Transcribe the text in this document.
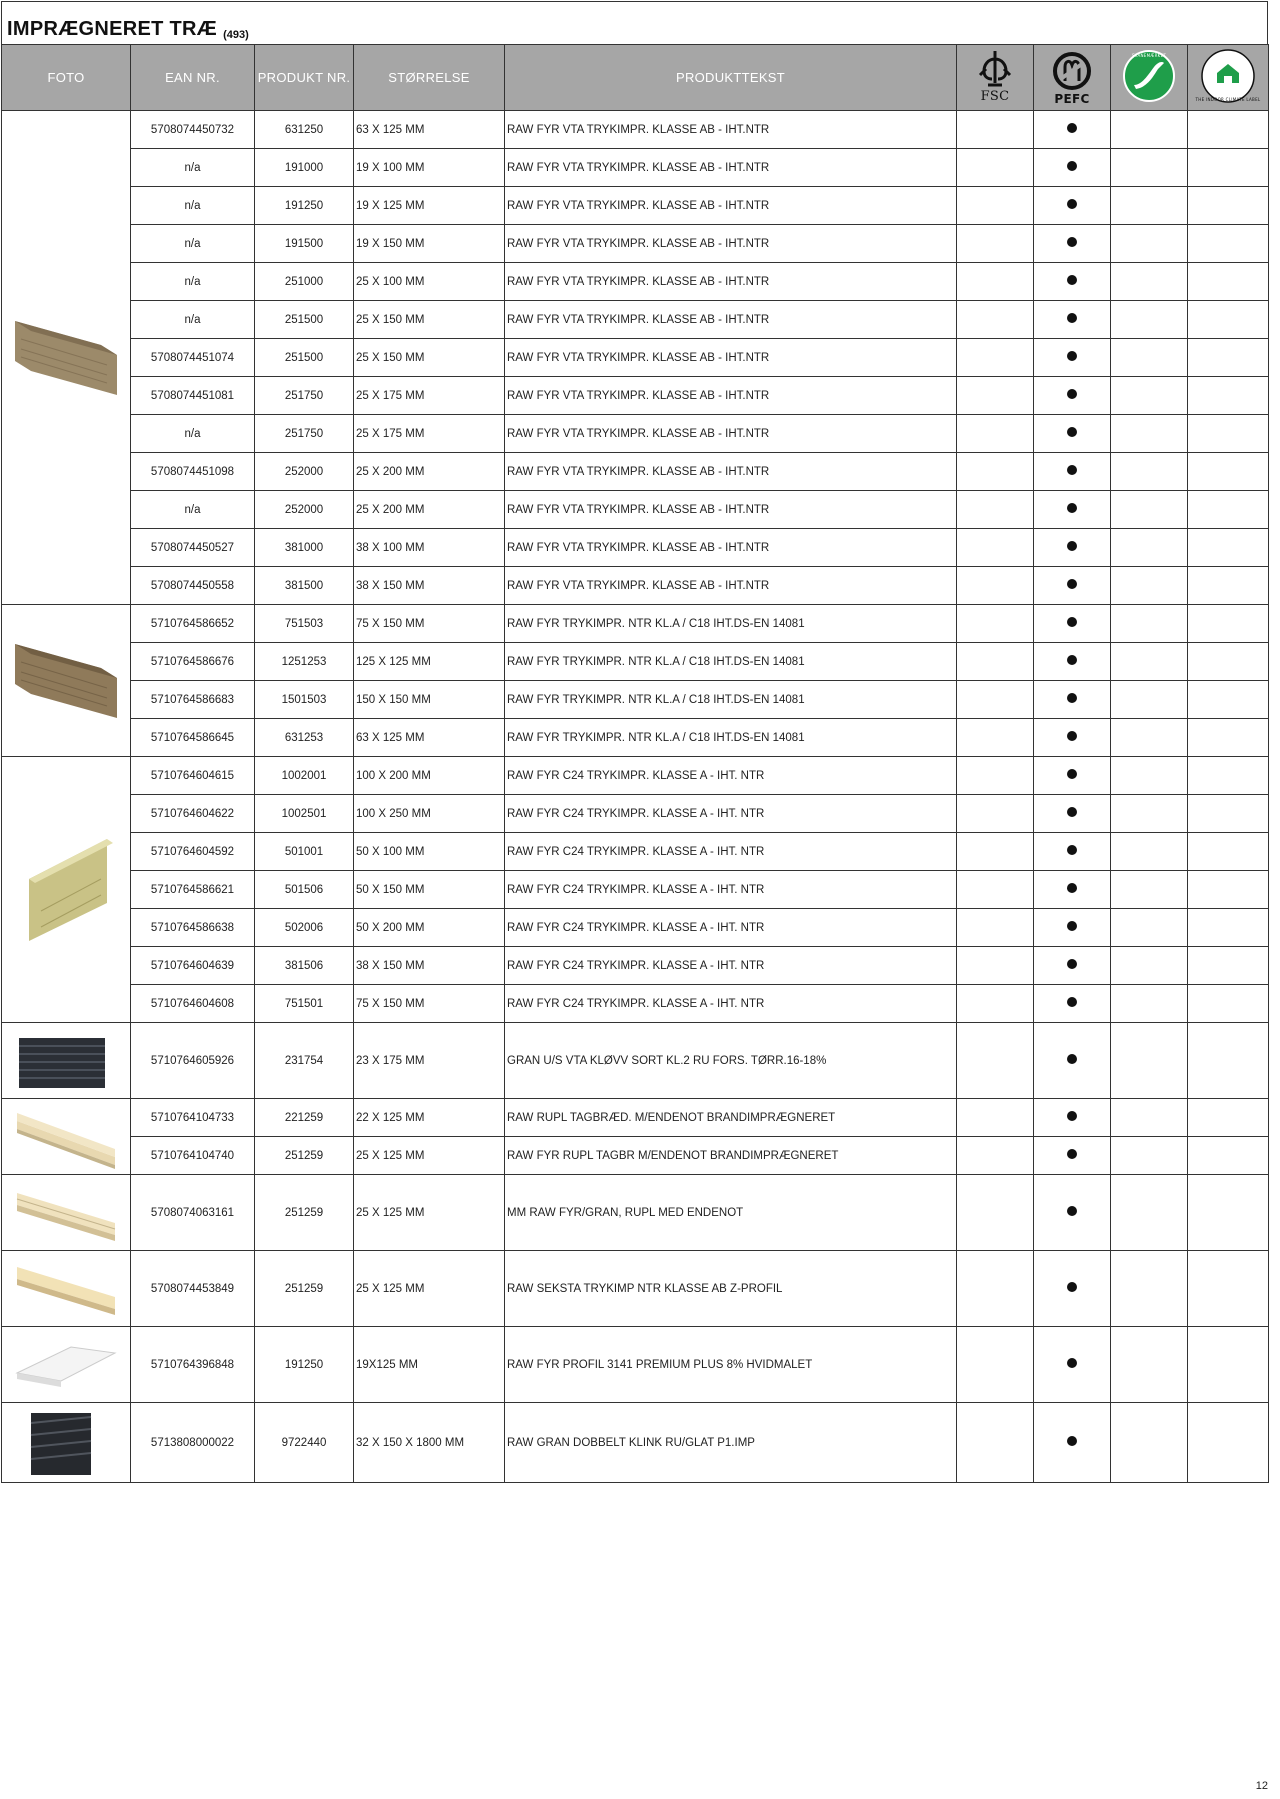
IMPRÆGNERET TRÆ (493)
FOTO	EAN NR.	PRODUKT NR.	STØRRELSE	PRODUKTTEKST	FSC	PEFC	SVANEMÆRKET	THE INDOOR CLIMATE LABEL

	5708074450732	631250	63 X 125 MM	RAW FYR VTA TRYKIMPR. KLASSE AB - IHT.NTR				
	n/a	191000	19 X 100 MM	RAW FYR VTA TRYKIMPR. KLASSE AB - IHT.NTR				
	n/a	191250	19 X 125 MM	RAW FYR VTA TRYKIMPR. KLASSE AB - IHT.NTR				
	n/a	191500	19 X 150 MM	RAW FYR VTA TRYKIMPR. KLASSE AB - IHT.NTR				
	n/a	251000	25 X 100 MM	RAW FYR VTA TRYKIMPR. KLASSE AB - IHT.NTR				
	n/a	251500	25 X 150 MM	RAW FYR VTA TRYKIMPR. KLASSE AB - IHT.NTR				
	5708074451074	251500	25 X 150 MM	RAW FYR VTA TRYKIMPR. KLASSE AB - IHT.NTR				
	5708074451081	251750	25 X 175 MM	RAW FYR VTA TRYKIMPR. KLASSE AB - IHT.NTR				
	n/a	251750	25 X 175 MM	RAW FYR VTA TRYKIMPR. KLASSE AB - IHT.NTR				
	5708074451098	252000	25 X 200 MM	RAW FYR VTA TRYKIMPR. KLASSE AB - IHT.NTR				
	n/a	252000	25 X 200 MM	RAW FYR VTA TRYKIMPR. KLASSE AB - IHT.NTR				
	5708074450527	381000	38 X 100 MM	RAW FYR VTA TRYKIMPR. KLASSE AB - IHT.NTR				
	5708074450558	381500	38 X 150 MM	RAW FYR VTA TRYKIMPR. KLASSE AB - IHT.NTR				

	5710764586652	751503	75 X 150 MM	RAW FYR TRYKIMPR. NTR KL.A / C18 IHT.DS-EN 14081				
	5710764586676	1251253	125 X 125 MM	RAW FYR TRYKIMPR. NTR KL.A / C18 IHT.DS-EN 14081				
	5710764586683	1501503	150 X 150 MM	RAW FYR TRYKIMPR. NTR KL.A / C18 IHT.DS-EN 14081				
	5710764586645	631253	63 X 125 MM	RAW FYR TRYKIMPR. NTR KL.A / C18 IHT.DS-EN 14081				

	5710764604615	1002001	100 X 200 MM	RAW FYR C24 TRYKIMPR. KLASSE A - IHT. NTR				
	5710764604622	1002501	100 X 250 MM	RAW FYR C24 TRYKIMPR. KLASSE A - IHT. NTR				
	5710764604592	501001	50 X 100 MM	RAW FYR C24 TRYKIMPR. KLASSE A - IHT. NTR				
	5710764586621	501506	50 X 150 MM	RAW FYR C24 TRYKIMPR. KLASSE A - IHT. NTR				
	5710764586638	502006	50 X 200 MM	RAW FYR C24 TRYKIMPR. KLASSE A - IHT. NTR				
	5710764604639	381506	38 X 150 MM	RAW FYR C24 TRYKIMPR. KLASSE A - IHT. NTR				
	5710764604608	751501	75 X 150 MM	RAW FYR C24 TRYKIMPR. KLASSE A - IHT. NTR				

	5710764605926	231754	23 X 175 MM	GRAN U/S VTA KLØVV SORT KL.2 RU FORS. TØRR.16-18%				

	5710764104733	221259	22 X 125 MM	RAW RUPL TAGBRÆD. M/ENDENOT BRANDIMPRÆGNERET				
	5710764104740	251259	25 X 125 MM	RAW FYR RUPL TAGBR M/ENDENOT BRANDIMPRÆGNERET				

	5708074063161	251259	25 X 125 MM	MM RAW FYR/GRAN, RUPL MED ENDENOT				

	5708074453849	251259	25 X 125 MM	RAW SEKSTA TRYKIMP NTR KLASSE AB Z-PROFIL				

	5710764396848	191250	19X125 MM	RAW FYR PROFIL 3141 PREMIUM PLUS 8% HVIDMALET				

	5713808000022	9722440	32 X 150 X 1800 MM	RAW GRAN DOBBELT KLINK RU/GLAT P1.IMP				
12
